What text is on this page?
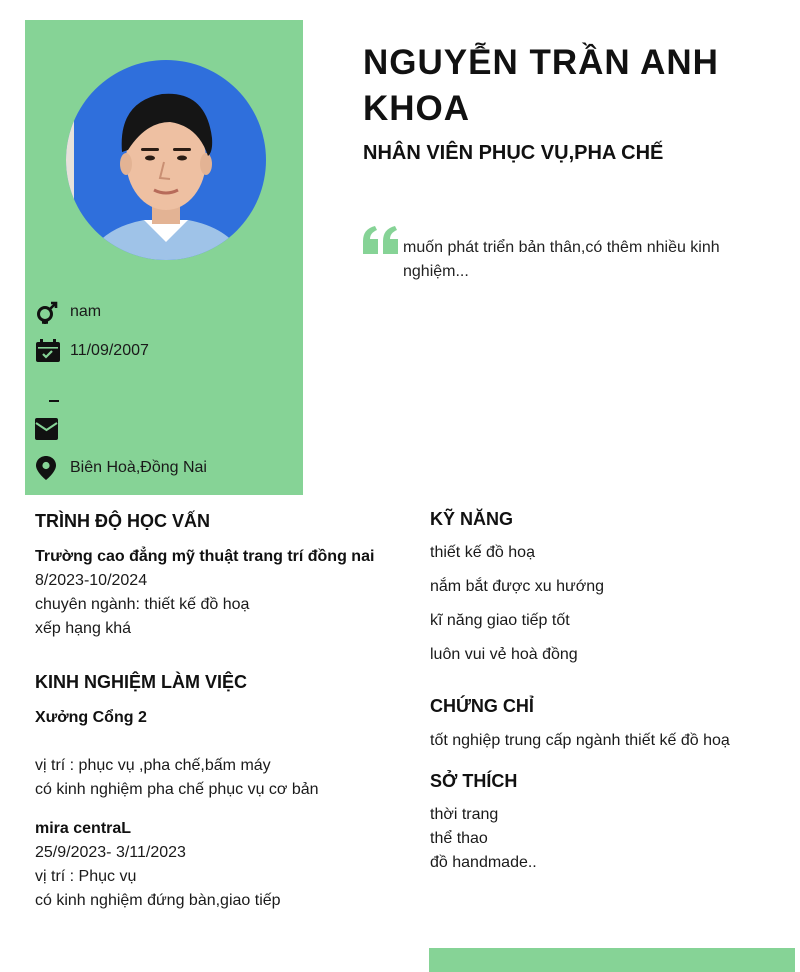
nam
11/09/2007
Biên Hoà,Đồng Nai
NGUYỄN TRẦN ANH KHOA
NHÂN VIÊN PHỤC VỤ,PHA CHẾ
muốn phát triển bản thân,có thêm nhiều kinh nghiệm...
TRÌNH ĐỘ HỌC VẤN
Trường cao đẳng mỹ thuật trang trí đồng nai
8/2023-10/2024
chuyên ngành: thiết kế đồ hoạ
xếp hạng khá
KINH NGHIỆM LÀM VIỆC
Xưởng Cổng 2
vị trí : phục vụ ,pha chế,bấm máy
có kinh nghiệm pha chế phục vụ cơ bản
mira centraL
25/9/2023- 3/11/2023
vị trí : Phục vụ
có kinh nghiệm đứng bàn,giao tiếp
KỸ NĂNG
thiết kế đồ hoạ
nắm bắt được xu hướng
kĩ năng giao tiếp tốt
luôn vui vẻ hoà đồng
CHỨNG CHỈ
tốt nghiệp trung cấp ngành thiết kế đồ hoạ
SỞ THÍCH
thời trang
thể thao
đồ handmade..
